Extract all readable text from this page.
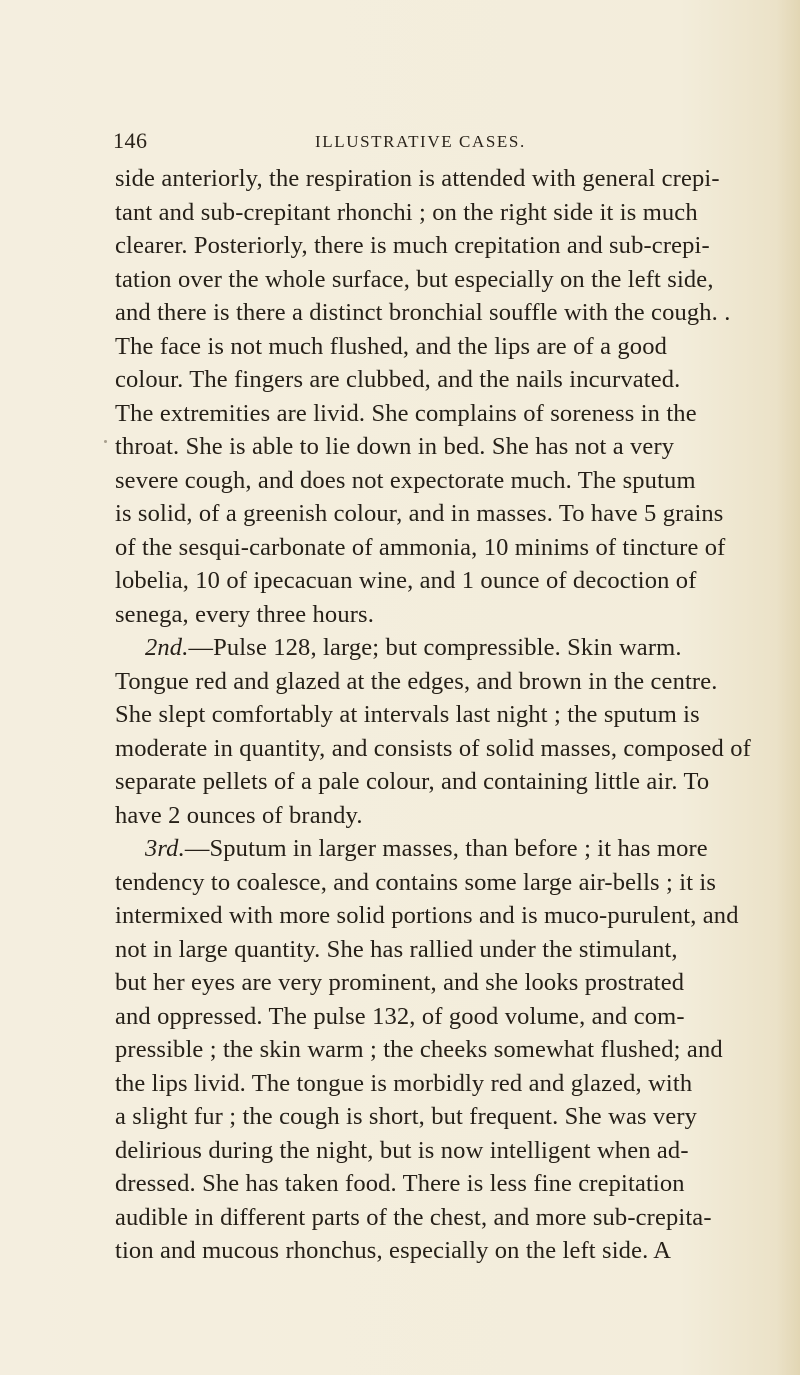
146	ILLUSTRATIVE CASES.
side anteriorly, the respiration is attended with general crepi-
tant and sub-crepitant rhonchi ; on the right side it is much
clearer. Posteriorly, there is much crepitation and sub-crepi-
tation over the whole surface, but especially on the left side,
and there is there a distinct bronchial souffle with the cough. .
The face is not much flushed, and the lips are of a good
colour. The fingers are clubbed, and the nails incurvated.
The extremities are livid. She complains of soreness in the
throat. She is able to lie down in bed. She has not a very
severe cough, and does not expectorate much. The sputum
is solid, of a greenish colour, and in masses. To have 5 grains
of the sesqui-carbonate of ammonia, 10 minims of tincture of
lobelia, 10 of ipecacuan wine, and 1 ounce of decoction of
senega, every three hours.
2nd.—Pulse 128, large; but compressible. Skin warm.
Tongue red and glazed at the edges, and brown in the centre.
She slept comfortably at intervals last night ; the sputum is
moderate in quantity, and consists of solid masses, composed of
separate pellets of a pale colour, and containing little air. To
have 2 ounces of brandy.
3rd.—Sputum in larger masses, than before ; it has more
tendency to coalesce, and contains some large air-bells ; it is
intermixed with more solid portions and is muco-purulent, and
not in large quantity. She has rallied under the stimulant,
but her eyes are very prominent, and she looks prostrated
and oppressed. The pulse 132, of good volume, and com-
pressible ; the skin warm ; the cheeks somewhat flushed; and
the lips livid. The tongue is morbidly red and glazed, with
a slight fur ; the cough is short, but frequent. She was very
delirious during the night, but is now intelligent when ad-
dressed. She has taken food. There is less fine crepitation
audible in different parts of the chest, and more sub-crepita-
tion and mucous rhonchus, especially on the left side. A
